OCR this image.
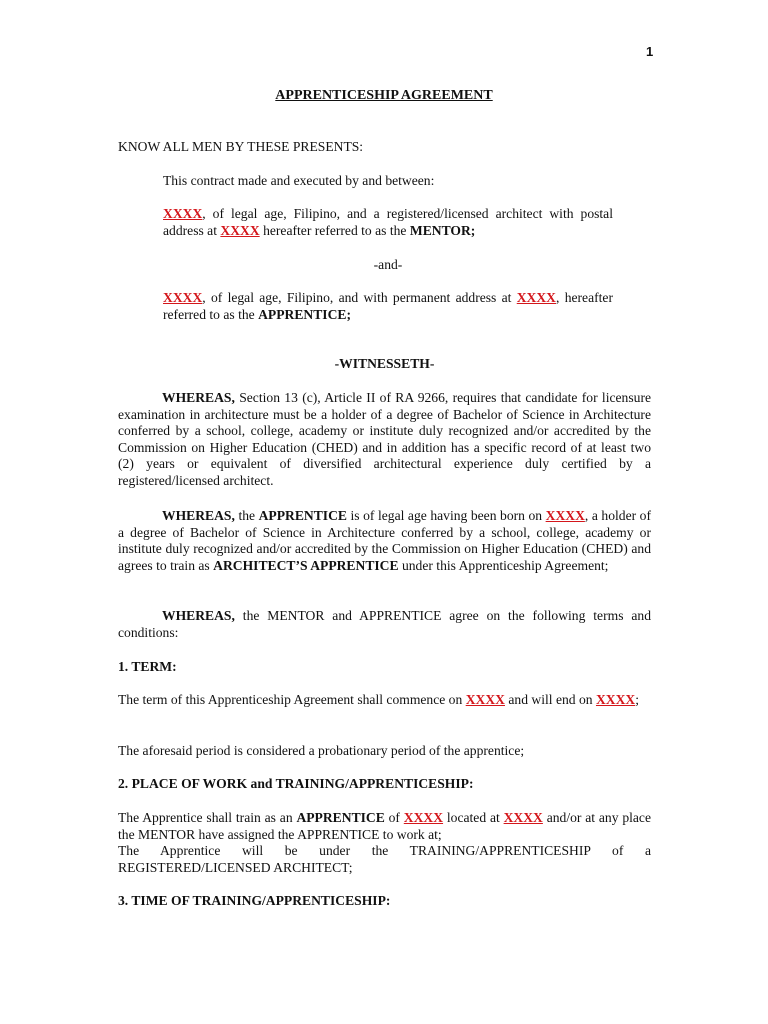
1
APPRENTICESHIP AGREEMENT

KNOW ALL MEN BY THESE PRESENTS:

This contract made and executed by and between:

XXXX, of legal age, Filipino, and a registered/licensed architect with postal address at XXXX hereafter referred to as the MENTOR;

-and-

XXXX, of legal age, Filipino, and with permanent address at XXXX, hereafter referred to as the APPRENTICE;

-WITNESSETH-

WHEREAS, Section 13 (c), Article II of RA 9266, requires that candidate for licensure examination in architecture must be a holder of a degree of Bachelor of Science in Architecture conferred by a school, college, academy or institute duly recognized and/or accredited by the Commission on Higher Education (CHED) and in addition has a specific record of at least two (2) years or equivalent of diversified architectural experience duly certified by a registered/licensed architect.

WHEREAS, the APPRENTICE is of legal age having been born on XXXX, a holder of a degree of Bachelor of Science in Architecture conferred by a school, college, academy or institute duly recognized and/or accredited by the Commission on Higher Education (CHED) and agrees to train as ARCHITECT’S APPRENTICE under this Apprenticeship Agreement;

WHEREAS, the MENTOR and APPRENTICE agree on the following terms and conditions:

1. TERM:

The term of this Apprenticeship Agreement shall commence on XXXX and will end on XXXX;

The aforesaid period is considered a probationary period of the apprentice;

2. PLACE OF WORK and TRAINING/APPRENTICESHIP:

The Apprentice shall train as an APPRENTICE of XXXX located at XXXX and/or at any place the MENTOR have assigned the APPRENTICE to work at;

The Apprentice will be under the TRAINING/APPRENTICESHIP of a REGISTERED/LICENSED ARCHITECT;

3. TIME OF TRAINING/APPRENTICESHIP:
